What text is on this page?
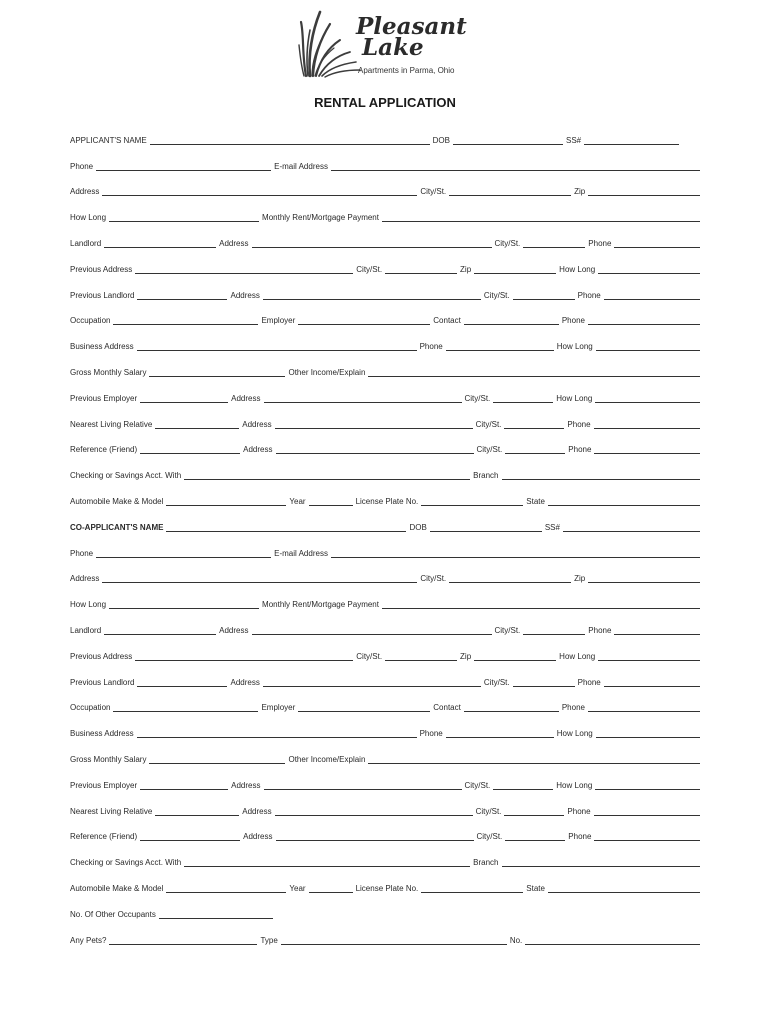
Pleasant
Lake
Apartments in Parma, Ohio
RENTAL APPLICATION
APPLICANT'S NAME	DOB	SS#
Phone	E-mail Address
Address	City/St.	Zip
How Long	Monthly Rent/Mortgage Payment
Landlord	Address	City/St.	Phone
Previous Address	City/St.	Zip	How Long
Previous Landlord	Address	City/St.	Phone
Occupation	Employer	Contact	Phone
Business Address	Phone	How Long
Gross Monthly Salary	Other Income/Explain
Previous Employer	Address	City/St.	How Long
Nearest Living Relative	Address	City/St.	Phone
Reference (Friend)	Address	City/St.	Phone
Checking or Savings Acct. With	Branch
Automobile Make & Model	Year	License Plate No.	State
CO-APPLICANT'S NAME	DOB	SS#
Phone	E-mail Address
Address	City/St.	Zip
How Long	Monthly Rent/Mortgage Payment
Landlord	Address	City/St.	Phone
Previous Address	City/St.	Zip	How Long
Previous Landlord	Address	City/St.	Phone
Occupation	Employer	Contact	Phone
Business Address	Phone	How Long
Gross Monthly Salary	Other Income/Explain
Previous Employer	Address	City/St.	How Long
Nearest Living Relative	Address	City/St.	Phone
Reference (Friend)	Address	City/St.	Phone
Checking or Savings Acct. With	Branch
Automobile Make & Model	Year	License Plate No.	State
No. Of Other Occupants
Any Pets?	Type	No.
